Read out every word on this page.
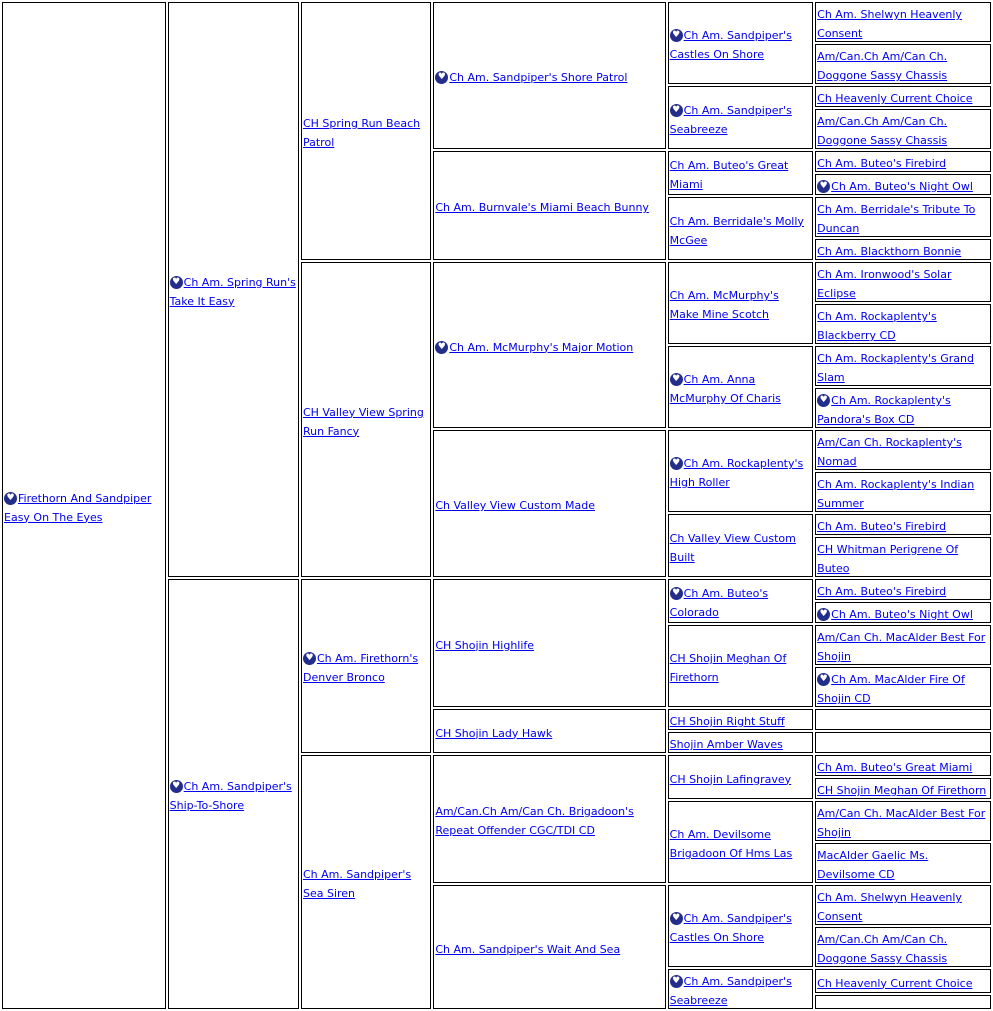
♥ Firethorn And Sandpiper Easy On The Eyes	♥ Ch Am. Spring Run's Take It Easy	CH Spring Run Beach Patrol	♥ Ch Am. Sandpiper's Shore Patrol	♥ Ch Am. Sandpiper's Castles On Shore	Ch Am. Shelwyn Heavenly Consent
					Am/Can.Ch Am/Can Ch. Doggone Sassy Chassis
				♥ Ch Am. Sandpiper's Seabreeze	Ch Heavenly Current Choice
					Am/Can.Ch Am/Can Ch. Doggone Sassy Chassis
			Ch Am. Burnvale's Miami Beach Bunny	Ch Am. Buteo's Great Miami	Ch Am. Buteo's Firebird
					♥ Ch Am. Buteo's Night Owl
				Ch Am. Berridale's Molly McGee	Ch Am. Berridale's Tribute To Duncan
					Ch Am. Blackthorn Bonnie
		CH Valley View Spring Run Fancy	♥ Ch Am. McMurphy's Major Motion	Ch Am. McMurphy's Make Mine Scotch	Ch Am. Ironwood's Solar Eclipse
					Ch Am. Rockaplenty's Blackberry CD
				♥ Ch Am. Anna McMurphy Of Charis	Ch Am. Rockaplenty's Grand Slam
					♥ Ch Am. Rockaplenty's Pandora's Box CD
			Ch Valley View Custom Made	♥ Ch Am. Rockaplenty's High Roller	Am/Can Ch. Rockaplenty's Nomad
					Ch Am. Rockaplenty's Indian Summer
				Ch Valley View Custom Built	Ch Am. Buteo's Firebird
					CH Whitman Perigrene Of Buteo
	♥ Ch Am. Sandpiper's Ship-To-Shore	♥ Ch Am. Firethorn's Denver Bronco	CH Shojin Highlife	♥ Ch Am. Buteo's Colorado	Ch Am. Buteo's Firebird
					♥ Ch Am. Buteo's Night Owl
				CH Shojin Meghan Of Firethorn	Am/Can Ch. MacAlder Best For Shojin
					♥ Ch Am. MacAlder Fire Of Shojin CD
			CH Shojin Lady Hawk	CH Shojin Right Stuff	
				Shojin Amber Waves	
		Ch Am. Sandpiper's Sea Siren	Am/Can.Ch Am/Can Ch. Brigadoon's Repeat Offender CGC/TDI CD	CH Shojin Lafingravey	Ch Am. Buteo's Great Miami
					CH Shojin Meghan Of Firethorn
				Ch Am. Devilsome Brigadoon Of Hms Las	Am/Can Ch. MacAlder Best For Shojin
					MacAlder Gaelic Ms. Devilsome CD
			Ch Am. Sandpiper's Wait And Sea	♥ Ch Am. Sandpiper's Castles On Shore	Ch Am. Shelwyn Heavenly Consent
					Am/Can.Ch Am/Can Ch. Doggone Sassy Chassis
				♥ Ch Am. Sandpiper's Seabreeze	Ch Heavenly Current Choice
